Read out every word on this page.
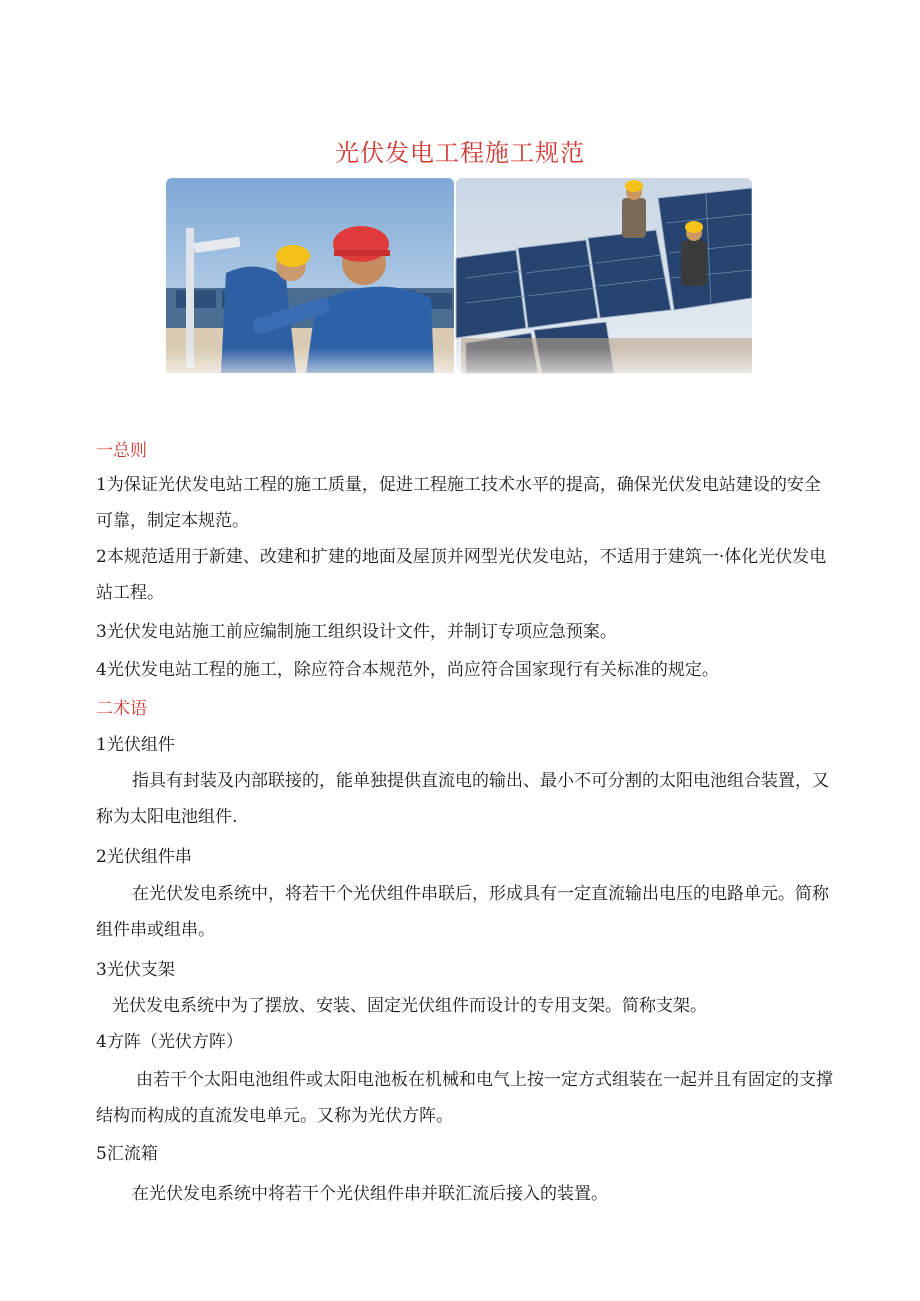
光伏发电工程施工规范
一总则
1为保证光伏发电站工程的施工质量，促进工程施工技术水平的提高，确保光伏发电站建设的安全可靠，制定本规范。
2本规范适用于新建、改建和扩建的地面及屋顶并网型光伏发电站，不适用于建筑一·体化光伏发电站工程。
3光伏发电站施工前应编制施工组织设计文件，并制订专项应急预案。
4光伏发电站工程的施工，除应符合本规范外，尚应符合国家现行有关标准的规定。
二术语
1光伏组件
指具有封装及内部联接的，能单独提供直流电的输出、最小不可分割的太阳电池组合装置，又称为太阳电池组件.
2光伏组件串
在光伏发电系统中，将若干个光伏组件串联后，形成具有一定直流输出电压的电路单元。简称组件串或组串。
3光伏支架
光伏发电系统中为了摆放、安装、固定光伏组件而设计的专用支架。简称支架。
4方阵（光伏方阵）
由若干个太阳电池组件或太阳电池板在机械和电气上按一定方式组装在一起并且有固定的支撑结构而构成的直流发电单元。又称为光伏方阵。
5汇流箱
在光伏发电系统中将若干个光伏组件串并联汇流后接入的装置。
